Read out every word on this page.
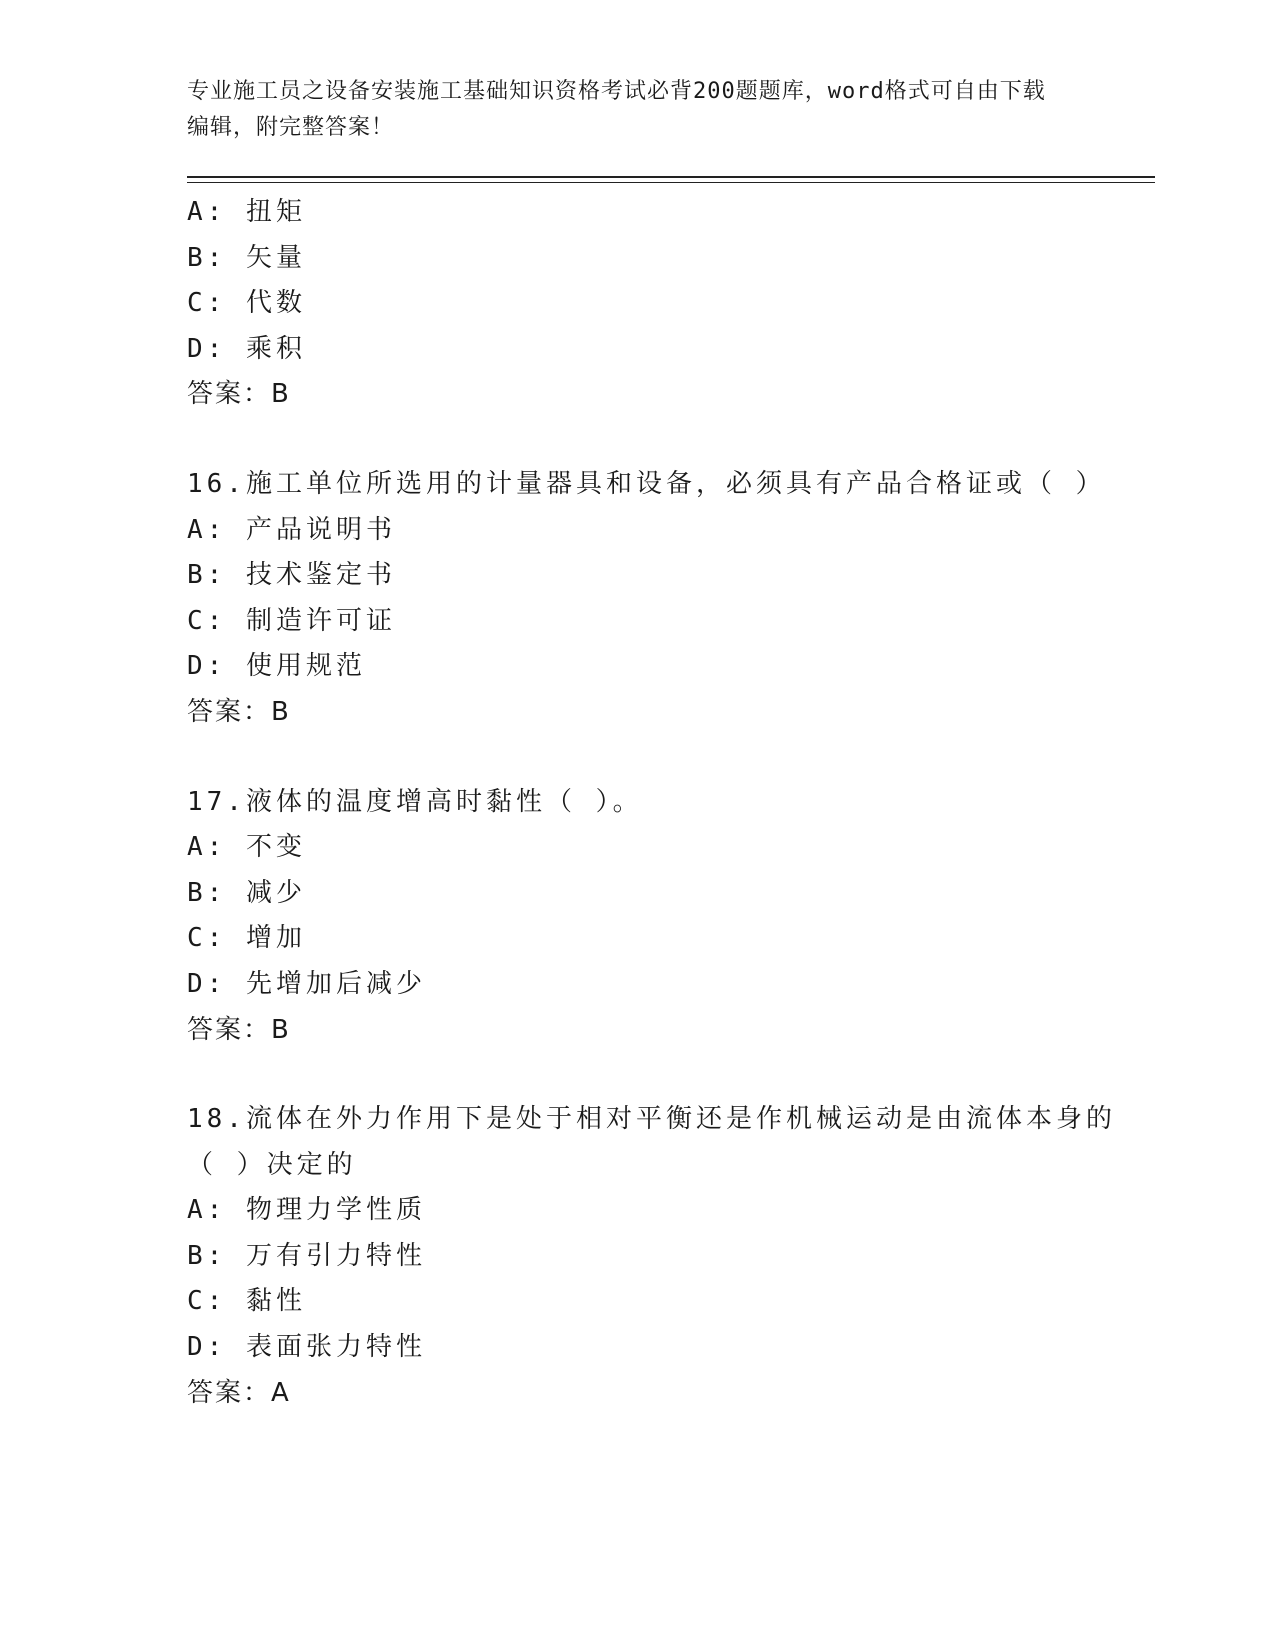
专业施工员之设备安装施工基础知识资格考试必背200题题库，word格式可自由下载编辑，附完整答案！
A: 扭矩
B: 矢量
C: 代数
D: 乘积
答案：B
16.施工单位所选用的计量器具和设备，必须具有产品合格证或（ ）
A: 产品说明书
B: 技术鉴定书
C: 制造许可证
D: 使用规范
答案：B
17.液体的温度增高时黏性（ ）。
A: 不变
B: 减少
C: 增加
D: 先增加后减少
答案：B
18.流体在外力作用下是处于相对平衡还是作机械运动是由流体本身的（ ）决定的
A: 物理力学性质
B: 万有引力特性
C: 黏性
D: 表面张力特性
答案：A
